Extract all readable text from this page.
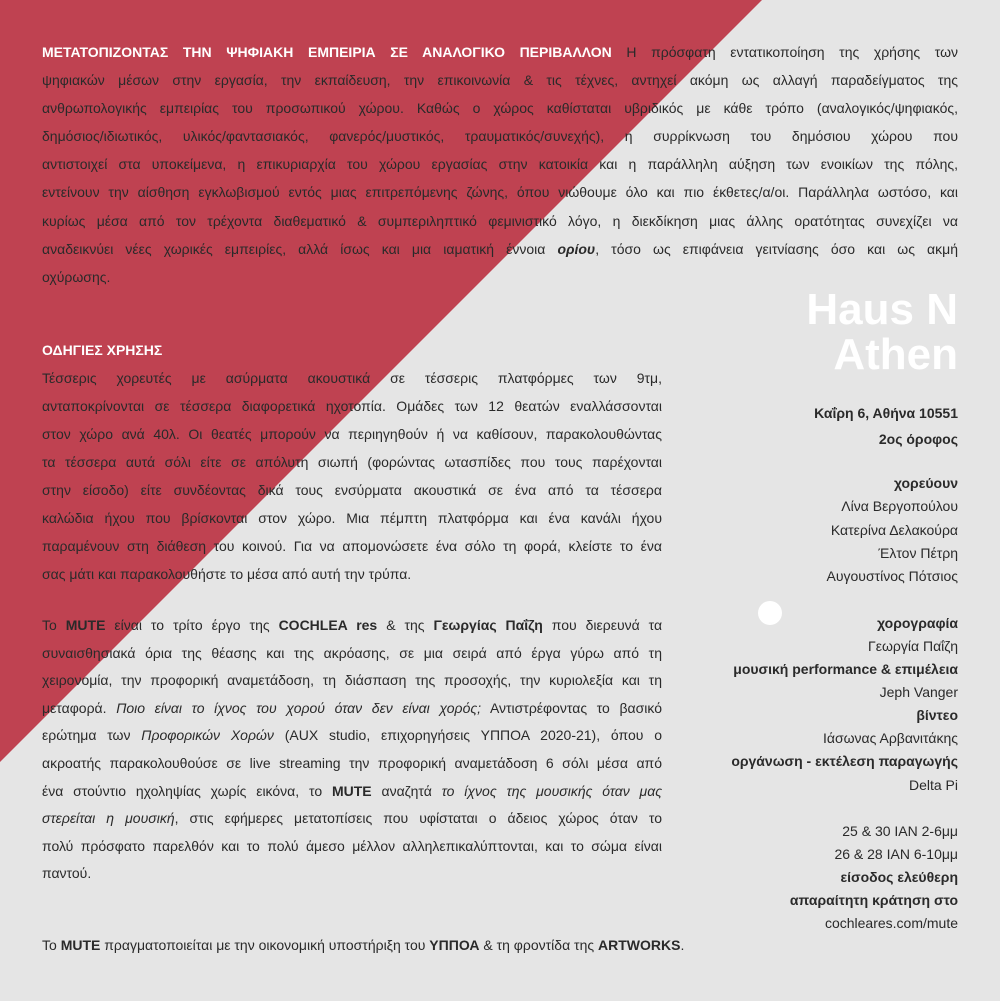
ΜΕΤΑΤΟΠΙΖΟΝΤΑΣ ΤΗΝ ΨΗΦΙΑΚΗ ΕΜΠΕΙΡΙΑ ΣΕ ΑΝΑΛΟΓΙΚΟ ΠΕΡΙΒΑΛΛΟΝ Η πρόσφατη εντατικοποίηση της χρήσης των
ψηφιακών μέσων στην εργασία, την εκπαίδευση, την επικοινωνία & τις τέχνες, αντηχεί ακόμη ως αλλαγή παραδείγματος της
ανθρωπολογικής εμπειρίας του προσωπικού χώρου. Καθώς ο χώρος καθίσταται υβριδικός με κάθε τρόπο (αναλογικός/ψηφιακός,
δημόσιος/ιδιωτικός, υλικός/φαντασιακός, φανερός/μυστικός, τραυματικός/συνεχής), η συρρίκνωση του δημόσιου χώρου που
αντιστοιχεί στα υποκείμενα, η επικυριαρχία του χώρου εργασίας στην κατοικία και η παράλληλη αύξηση των ενοικίων της πόλης,
εντείνουν την αίσθηση εγκλωβισμού εντός μιας επιτρεπόμενης ζώνης, όπου νιώθουμε όλο και πιο έκθετες/α/οι. Παράλληλα ωστόσο, και
κυρίως μέσα από τον τρέχοντα διαθεματικό & συμπεριληπτικό φεμινιστικό λόγο, η διεκδίκηση μιας άλλης ορατότητας συνεχίζει να
αναδεικνύει νέες χωρικές εμπειρίες, αλλά ίσως και μια ιαματική έννοια ορίου, τόσο ως επιφάνεια γειτνίασης όσο και ως ακμή
οχύρωσης.
ΟΔΗΓΙΕΣ ΧΡΗΣΗΣ
Τέσσερις χορευτές με ασύρματα ακουστικά σε τέσσερις πλατφόρμες των 9τμ,
ανταποκρίνονται σε τέσσερα διαφορετικά ηχοτοπία. Ομάδες των 12 θεατών εναλλάσσονται
στον χώρο ανά 40λ. Οι θεατές μπορούν να περιηγηθούν ή να καθίσουν, παρακολουθώντας
τα τέσσερα αυτά σόλι είτε σε απόλυτη σιωπή (φορώντας ωτασπίδες που τους παρέχονται
στην είσοδο) είτε συνδέοντας δικά τους ενσύρματα ακουστικά σε ένα από τα τέσσερα
καλώδια ήχου που βρίσκονται στον χώρο. Μια πέμπτη πλατφόρμα και ένα κανάλι ήχου
παραμένουν στη διάθεση του κοινού. Για να απομονώσετε ένα σόλο τη φορά, κλείστε το ένα
σας μάτι και παρακολουθήστε το μέσα από αυτή την τρύπα.
Το MUTE είναι το τρίτο έργο της COCHLEA res & της Γεωργίας Παΐζη που διερευνά τα
συναισθησιακά όρια της θέασης και της ακρόασης, σε μια σειρά από έργα γύρω από τη
χειρονομία, την προφορική αναμετάδοση, τη διάσπαση της προσοχής, την κυριολεξία και τη
μεταφορά. Ποιο είναι το ίχνος του χορού όταν δεν είναι χορός; Αντιστρέφοντας το βασικό
ερώτημα των Προφορικών Χορών (AUX studio, επιχορηγήσεις ΥΠΠΟΑ 2020-21), όπου ο
ακροατής παρακολουθούσε σε live streaming την προφορική αναμετάδοση 6 σόλι μέσα από
ένα στούντιο ηχοληψίας χωρίς εικόνα, το MUTE αναζητά το ίχνος της μουσικής όταν μας
στερείται η μουσική, στις εφήμερες μετατοπίσεις που υφίσταται ο άδειος χώρος όταν το
πολύ πρόσφατο παρελθόν και το πολύ άμεσο μέλλον αλληλεπικαλύπτονται, και το σώμα είναι
παντού.
Το MUTE πραγματοποιείται με την οικονομική υποστήριξη του ΥΠΠΟΑ & τη φροντίδα της ARTWORKS.
Haus N
Athen
Καΐρη 6, Αθήνα 10551
2ος όροφος
χορεύουν
Λίνα Βεργοπούλου
Κατερίνα Δελακούρα
Έλτον Πέτρη
Αυγουστίνος Πότσιος
χορογραφία
Γεωργία Παΐζη
μουσική performance & επιμέλεια
Jeph Vanger
βίντεο
Ιάσωνας Αρβανιτάκης
οργάνωση - εκτέλεση παραγωγής
Delta Pi
25 & 30 ΙΑΝ 2-6μμ
26 & 28 ΙΑΝ 6-10μμ
είσοδος ελεύθερη
απαραίτητη κράτηση στο
cochleares.com/mute
